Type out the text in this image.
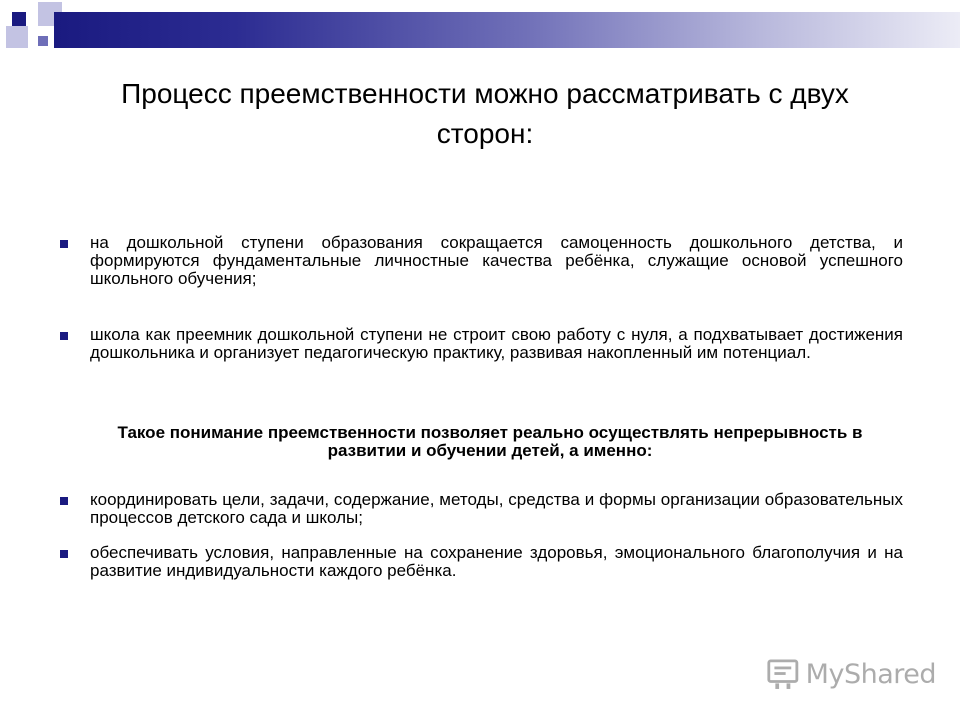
Процесс преемственности можно рассматривать с двух сторон:
на дошкольной ступени образования сокращается самоценность дошкольного детства, и формируются фундаментальные личностные качества ребёнка, служащие основой успешного школьного обучения;
школа как преемник дошкольной ступени не строит свою работу с нуля, а подхватывает достижения дошкольника и организует педагогическую практику, развивая накопленный им потенциал.

Такое понимание преемственности позволяет реально осуществлять непрерывность в развитии и обучении детей, а именно:

координировать цели, задачи, содержание, методы, средства и формы организации образовательных процессов детского сада и школы;
обеспечивать условия, направленные на сохранение здоровья, эмоционального благополучия и на развитие индивидуальности каждого ребёнка.
MyShared
